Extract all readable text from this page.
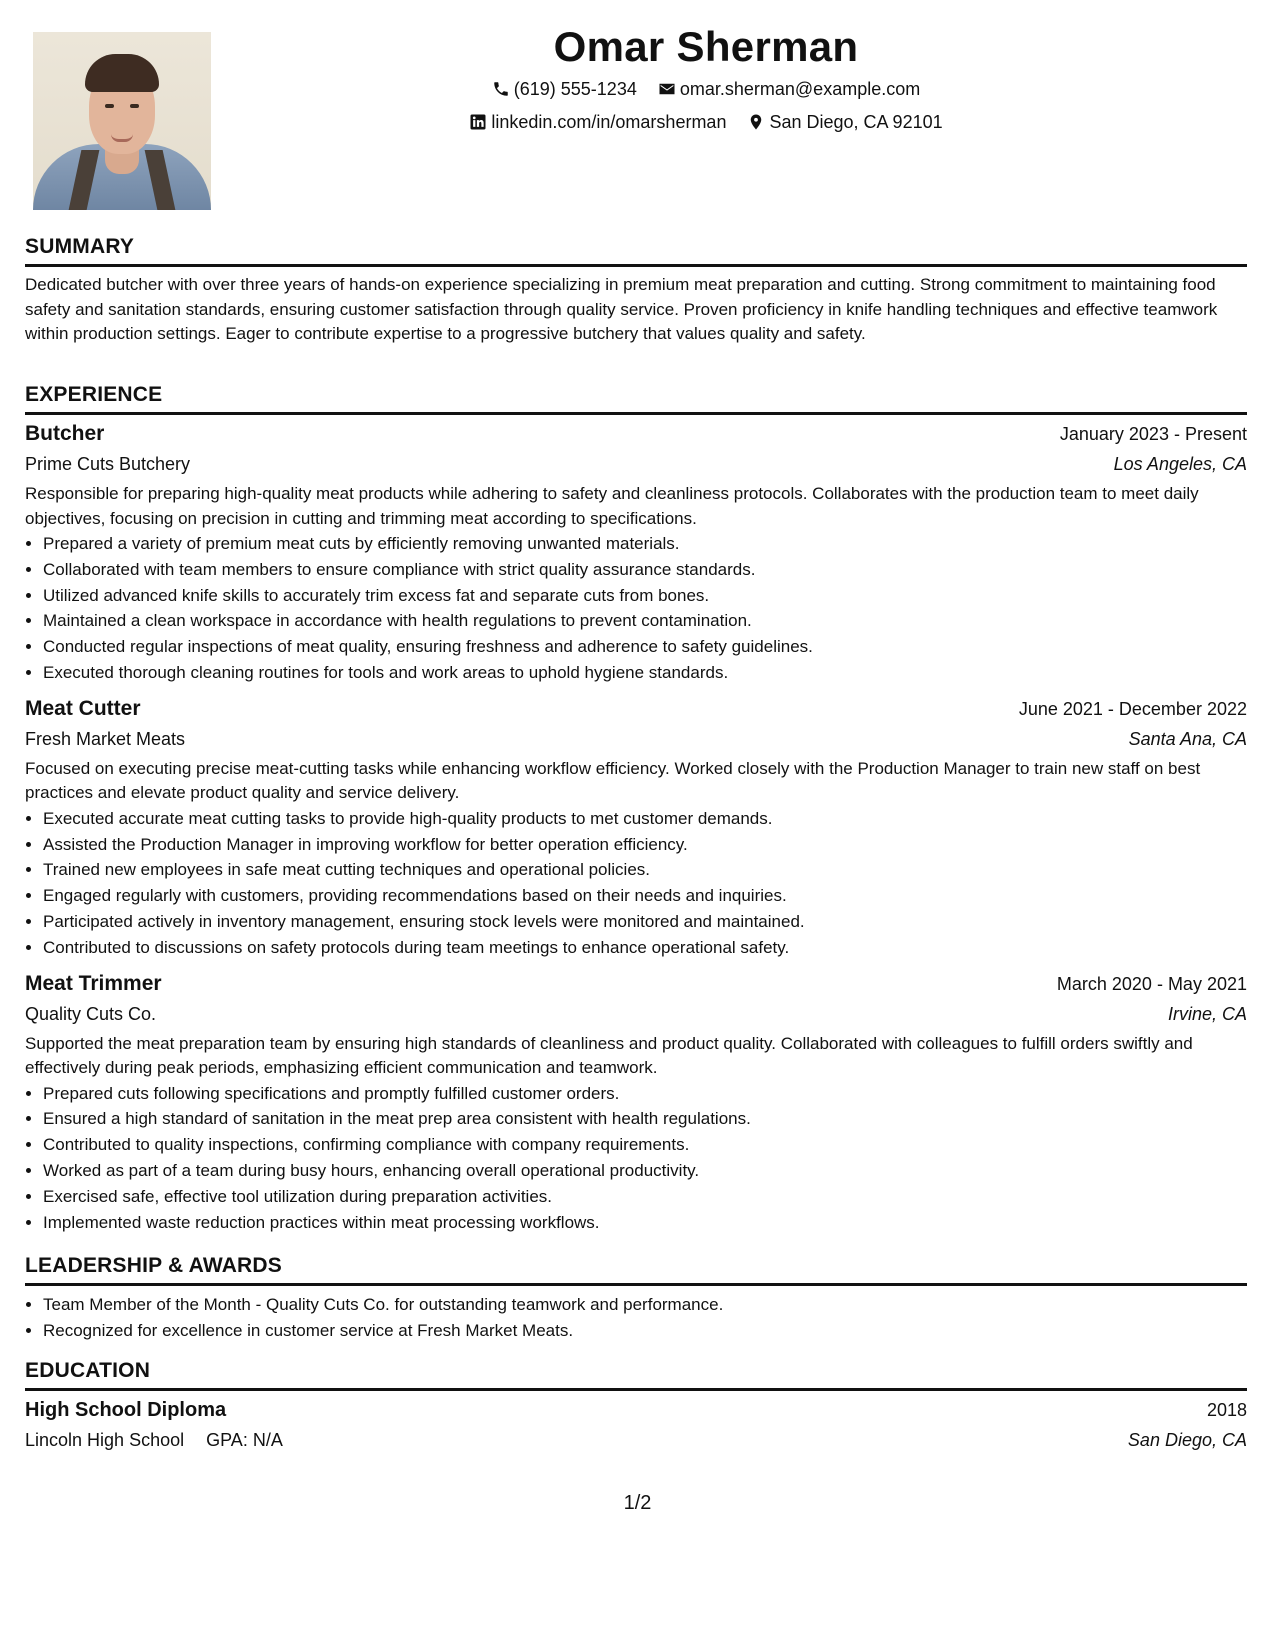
Omar Sherman
(619) 555-1234
omar.sherman@example.com
linkedin.com/in/omarsherman
San Diego, CA 92101
SUMMARY

Dedicated butcher with over three years of hands-on experience specializing in premium meat preparation and cutting. Strong commitment to maintaining food safety and sanitation standards, ensuring customer satisfaction through quality service. Proven proficiency in knife handling techniques and effective teamwork within production settings. Eager to contribute expertise to a progressive butchery that values quality and safety.

EXPERIENCE
Butcher	January 2023 - Present
Prime Cuts Butchery	Los Angeles, CA

Responsible for preparing high-quality meat products while adhering to safety and cleanliness protocols. Collaborates with the production team to meet daily objectives, focusing on precision in cutting and trimming meat according to specifications.

• Prepared a variety of premium meat cuts by efficiently removing unwanted materials.
• Collaborated with team members to ensure compliance with strict quality assurance standards.
• Utilized advanced knife skills to accurately trim excess fat and separate cuts from bones.
• Maintained a clean workspace in accordance with health regulations to prevent contamination.
• Conducted regular inspections of meat quality, ensuring freshness and adherence to safety guidelines.
• Executed thorough cleaning routines for tools and work areas to uphold hygiene standards.
Meat Cutter	June 2021 - December 2022
Fresh Market Meats	Santa Ana, CA

Focused on executing precise meat-cutting tasks while enhancing workflow efficiency. Worked closely with the Production Manager to train new staff on best practices and elevate product quality and service delivery.

• Executed accurate meat cutting tasks to provide high-quality products to met customer demands.
• Assisted the Production Manager in improving workflow for better operation efficiency.
• Trained new employees in safe meat cutting techniques and operational policies.
• Engaged regularly with customers, providing recommendations based on their needs and inquiries.
• Participated actively in inventory management, ensuring stock levels were monitored and maintained.
• Contributed to discussions on safety protocols during team meetings to enhance operational safety.
Meat Trimmer	March 2020 - May 2021
Quality Cuts Co.	Irvine, CA

Supported the meat preparation team by ensuring high standards of cleanliness and product quality. Collaborated with colleagues to fulfill orders swiftly and effectively during peak periods, emphasizing efficient communication and teamwork.

• Prepared cuts following specifications and promptly fulfilled customer orders.
• Ensured a high standard of sanitation in the meat prep area consistent with health regulations.
• Contributed to quality inspections, confirming compliance with company requirements.
• Worked as part of a team during busy hours, enhancing overall operational productivity.
• Exercised safe, effective tool utilization during preparation activities.
• Implemented waste reduction practices within meat processing workflows.
LEADERSHIP & AWARDS
• Team Member of the Month - Quality Cuts Co. for outstanding teamwork and performance.
• Recognized for excellence in customer service at Fresh Market Meats.
EDUCATION
High School Diploma	2018
Lincoln High School GPA: N/A	San Diego, CA
1/2
